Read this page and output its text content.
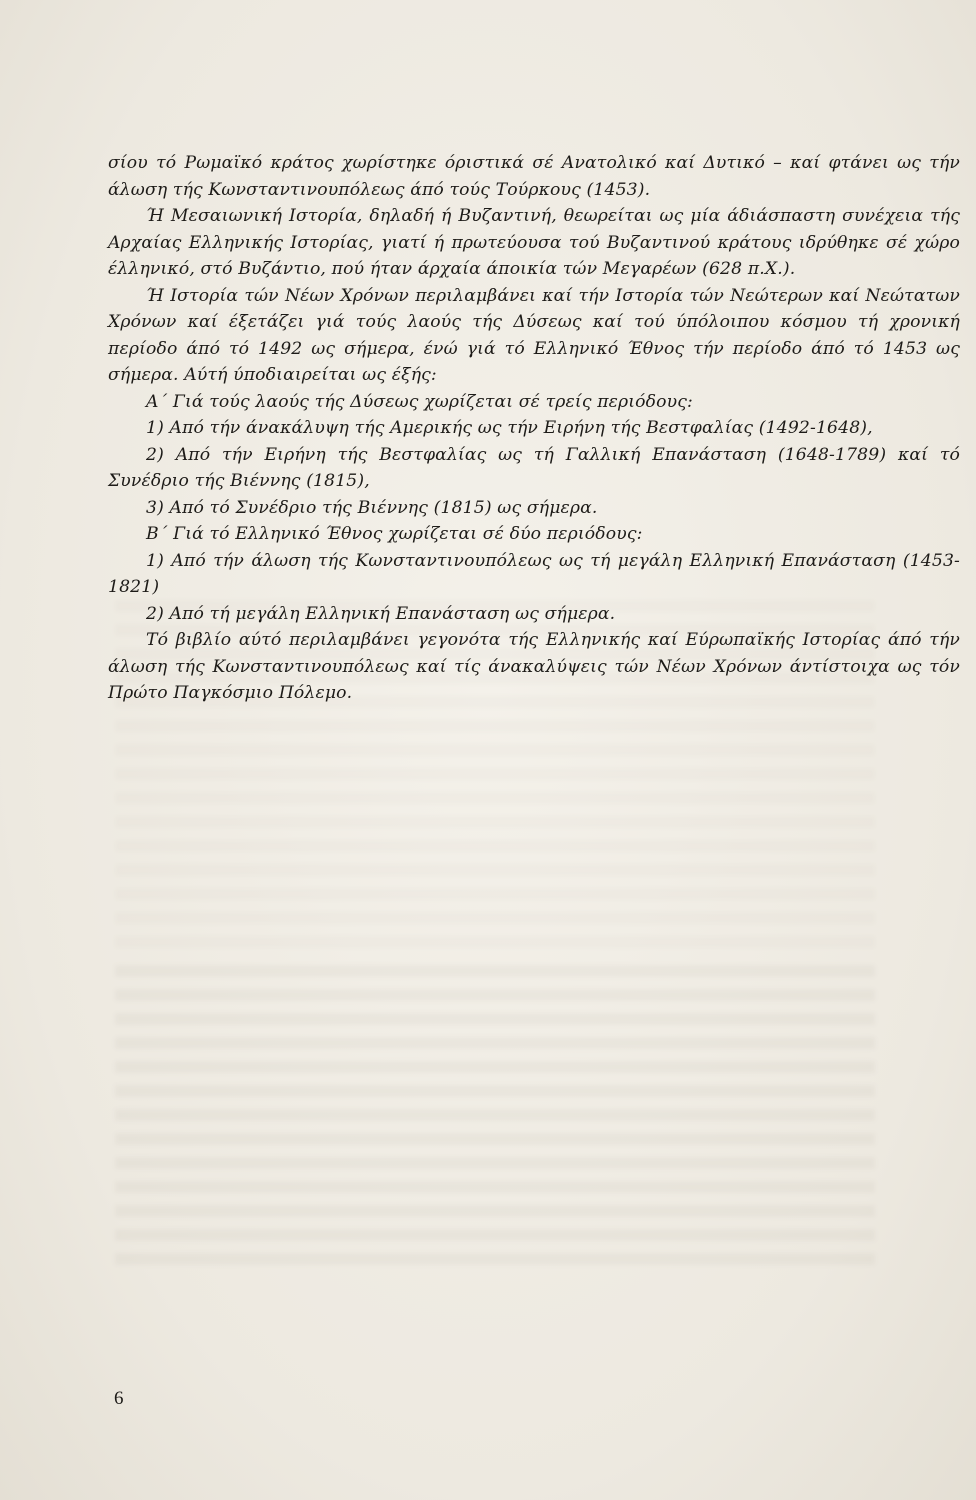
σίου τό Ρωμαϊκό κράτος χωρίστηκε όριστικά σέ Ανατολικό καί Δυτικό – καί φτάνει ως τήν άλωση τής Κωνσταντινουπόλεως άπό τούς Τούρκους (1453).

Ή Μεσαιωνική Ιστορία, δηλαδή ή Βυζαντινή, θεωρείται ως μία άδιάσπαστη συνέχεια τής Αρχαίας Ελληνικής Ιστορίας, γιατί ή πρωτεύουσα τού Βυζαντινού κράτους ιδρύθηκε σέ χώρο έλληνικό, στό Βυζάντιο, πού ήταν άρχαία άποικία τών Μεγαρέων (628 π.Χ.).

Ή Ιστορία τών Νέων Χρόνων περιλαμβάνει καί τήν Ιστορία τών Νεώτερων καί Νεώτατων Χρόνων καί έξετάζει γιά τούς λαούς τής Δύσεως καί τού ύπόλοιπου κόσμου τή χρονική περίοδο άπό τό 1492 ως σήμερα, ένώ γιά τό Ελληνικό Έθνος τήν περίοδο άπό τό 1453 ως σήμερα. Αύτή ύποδιαιρείται ως έξής:

Α΄ Γιά τούς λαούς τής Δύσεως χωρίζεται σέ τρείς περιόδους:

1) Από τήν άνακάλυψη τής Αμερικής ως τήν Ειρήνη τής Βεστφαλίας (1492-1648),

2) Από τήν Ειρήνη τής Βεστφαλίας ως τή Γαλλική Επανάσταση (1648-1789) καί τό Συνέδριο τής Βιέννης (1815),

3) Από τό Συνέδριο τής Βιέννης (1815) ως σήμερα.

Β΄ Γιά τό Ελληνικό Έθνος χωρίζεται σέ δύο περιόδους:

1) Από τήν άλωση τής Κωνσταντινουπόλεως ως τή μεγάλη Ελληνική Επανάσταση (1453-1821)

2) Από τή μεγάλη Ελληνική Επανάσταση ως σήμερα.

Τό βιβλίο αύτό περιλαμβάνει γεγονότα τής Ελληνικής καί Εύρωπαϊκής Ιστορίας άπό τήν άλωση τής Κωνσταντινουπόλεως καί τίς άνακαλύψεις τών Νέων Χρόνων άντίστοιχα ως τόν Πρώτο Παγκόσμιο Πόλεμο.

6
